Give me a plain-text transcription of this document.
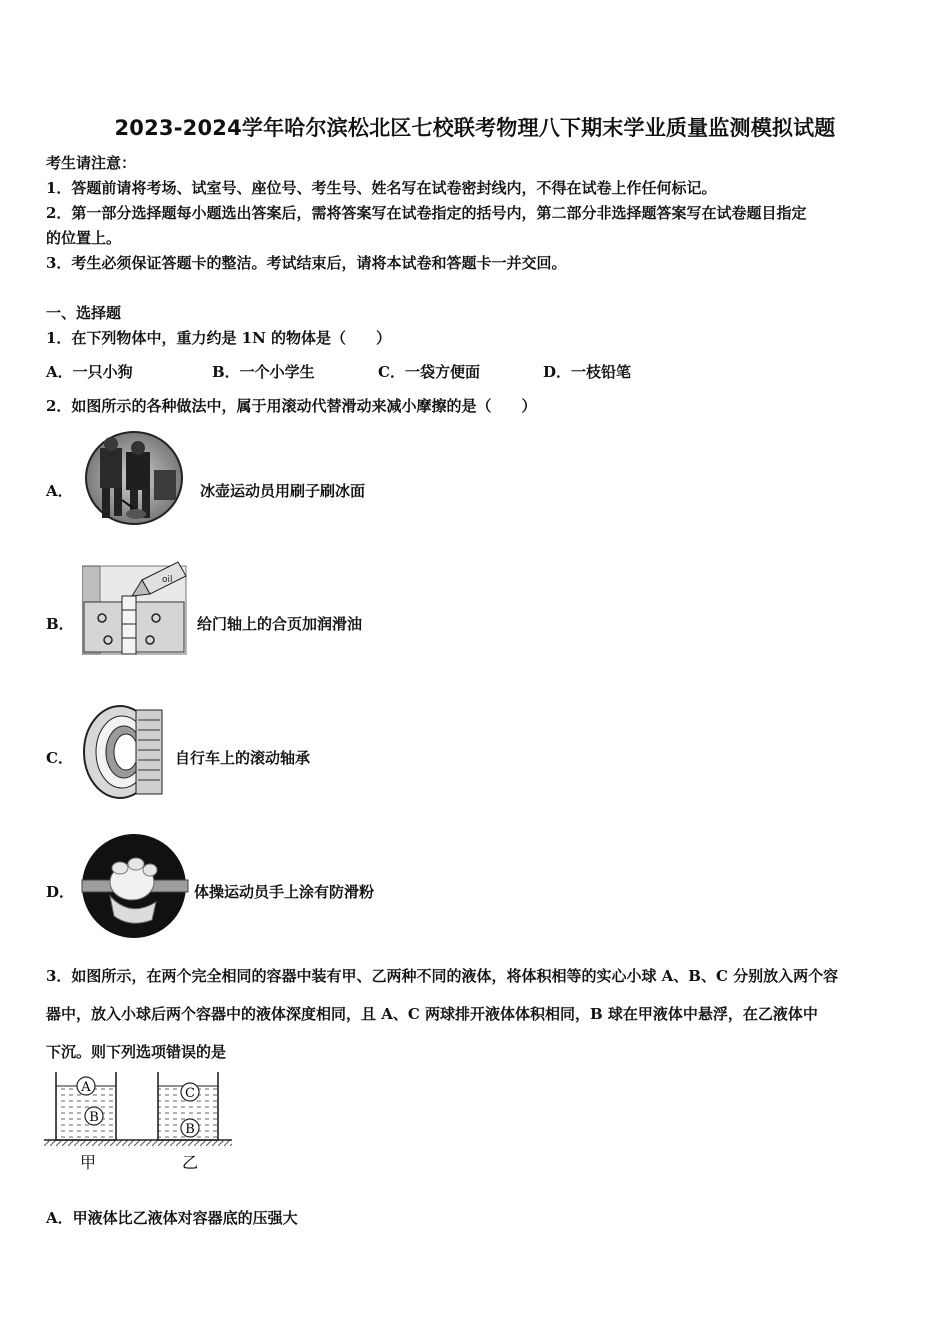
2023-2024学年哈尔滨松北区七校联考物理八下期末学业质量监测模拟试题
考生请注意：
1．答题前请将考场、试室号、座位号、考生号、姓名写在试卷密封线内，不得在试卷上作任何标记。
2．第一部分选择题每小题选出答案后，需将答案写在试卷指定的括号内，第二部分非选择题答案写在试卷题目指定
的位置上。
3．考生必须保证答题卡的整洁。考试结束后，请将本试卷和答题卡一并交回。
一、选择题
1．在下列物体中，重力约是 1N 的物体是（　　）
A．一只小狗	B．一个小学生	C．一袋方便面	D．一枝铅笔
2．如图所示的各种做法中，属于用滚动代替滑动来减小摩擦的是（　　）
A．	冰壶运动员用刷子刷冰面
B．
oil
给门轴上的合页加润滑油
C．	自行车上的滚动轴承
D．	体操运动员手上涂有防滑粉
3．如图所示，在两个完全相同的容器中装有甲、乙两种不同的液体，将体积相等的实心小球 A、B、C 分别放入两个容
器中，放入小球后两个容器中的液体深度相同，且 A、C 两球排开液体体积相同，B 球在甲液体中悬浮，在乙液体中
下沉。则下列选项错误的是
A
B
C
B
甲	乙
A．甲液体比乙液体对容器底的压强大
